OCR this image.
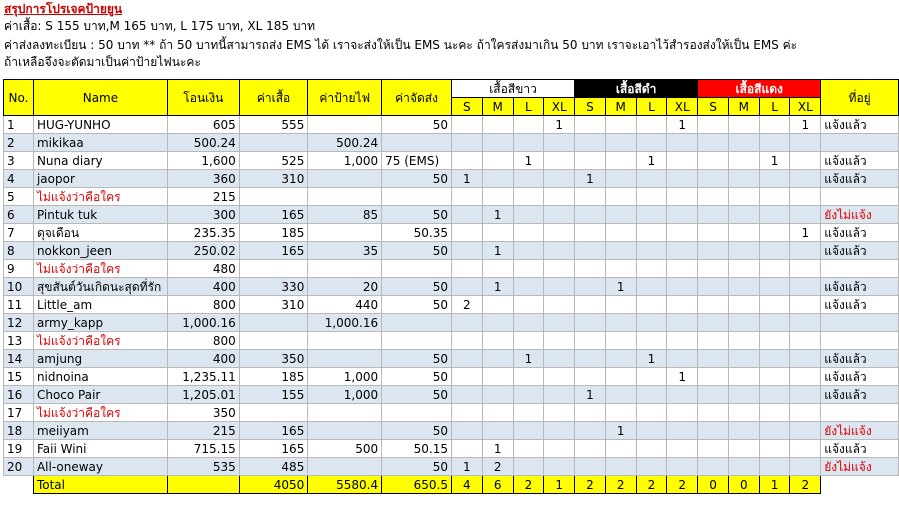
สรุปการโปรเจคป้ายยูน
ค่าเสื้อ: S 155 บาท,M 165 บาท, L 175 บาท, XL 185 บาท
ค่าส่งลงทะเบียน : 50 บาท ** ถ้า 50 บาทนี้สามารถส่ง EMS ได้ เราจะส่งให้เป็น EMS นะคะ ถ้าใครส่งมาเกิน 50 บาท เราจะเอาไว้สำรองส่งให้เป็น EMS ค่ะ
ถ้าเหลือจึงจะตัดมาเป็นค่าป้ายไฟนะคะ
No.	Name	โอนเงิน	ค่าเสื้อ	ค่าป้ายไฟ	ค่าจัดส่ง	เสื้อสีขาว				เสื้อสีดำ				เสื้อสีแดง				ที่อยู่
						S	M	L	XL	S	M	L	XL	S	M	L	XL	
1	HUG-YUNHO	605	555		50				1				1				1	แจ้งแล้ว
2	mikikaa	500.24		500.24														
3	Nuna diary	1,600	525	1,000	75 (EMS)			1				1				1		แจ้งแล้ว
4	jaopor	360	310		50	1				1								แจ้งแล้ว
5	ไม่แจ้งว่าคือใคร	215																
6	Pintuk tuk	300	165	85	50		1											ยังไม่แจ้ง
7	ดุจเดือน	235.35	185		50.35												1	แจ้งแล้ว
8	nokkon_jeen	250.02	165	35	50		1											แจ้งแล้ว
9	ไม่แจ้งว่าคือใคร	480																
10	สุขสันต์วันเกิดนะสุดที่รัก	400	330	20	50		1				1							แจ้งแล้ว
11	Little_am	800	310	440	50	2												แจ้งแล้ว
12	army_kapp	1,000.16		1,000.16														
13	ไม่แจ้งว่าคือใคร	800																
14	amjung	400	350		50			1				1						แจ้งแล้ว
15	nidnoina	1,235.11	185	1,000	50								1					แจ้งแล้ว
16	Choco Pair	1,205.01	155	1,000	50					1								แจ้งแล้ว
17	ไม่แจ้งว่าคือใคร	350																
18	meiiyam	215	165		50						1							ยังไม่แจ้ง
19	Faii Wini	715.15	165	500	50.15		1											แจ้งแล้ว
20	All-oneway	535	485		50	1	2											ยังไม่แจ้ง
	Total		4050	5580.4	650.5	4	6	2	1	2	2	2	2	0	0	1	2	
